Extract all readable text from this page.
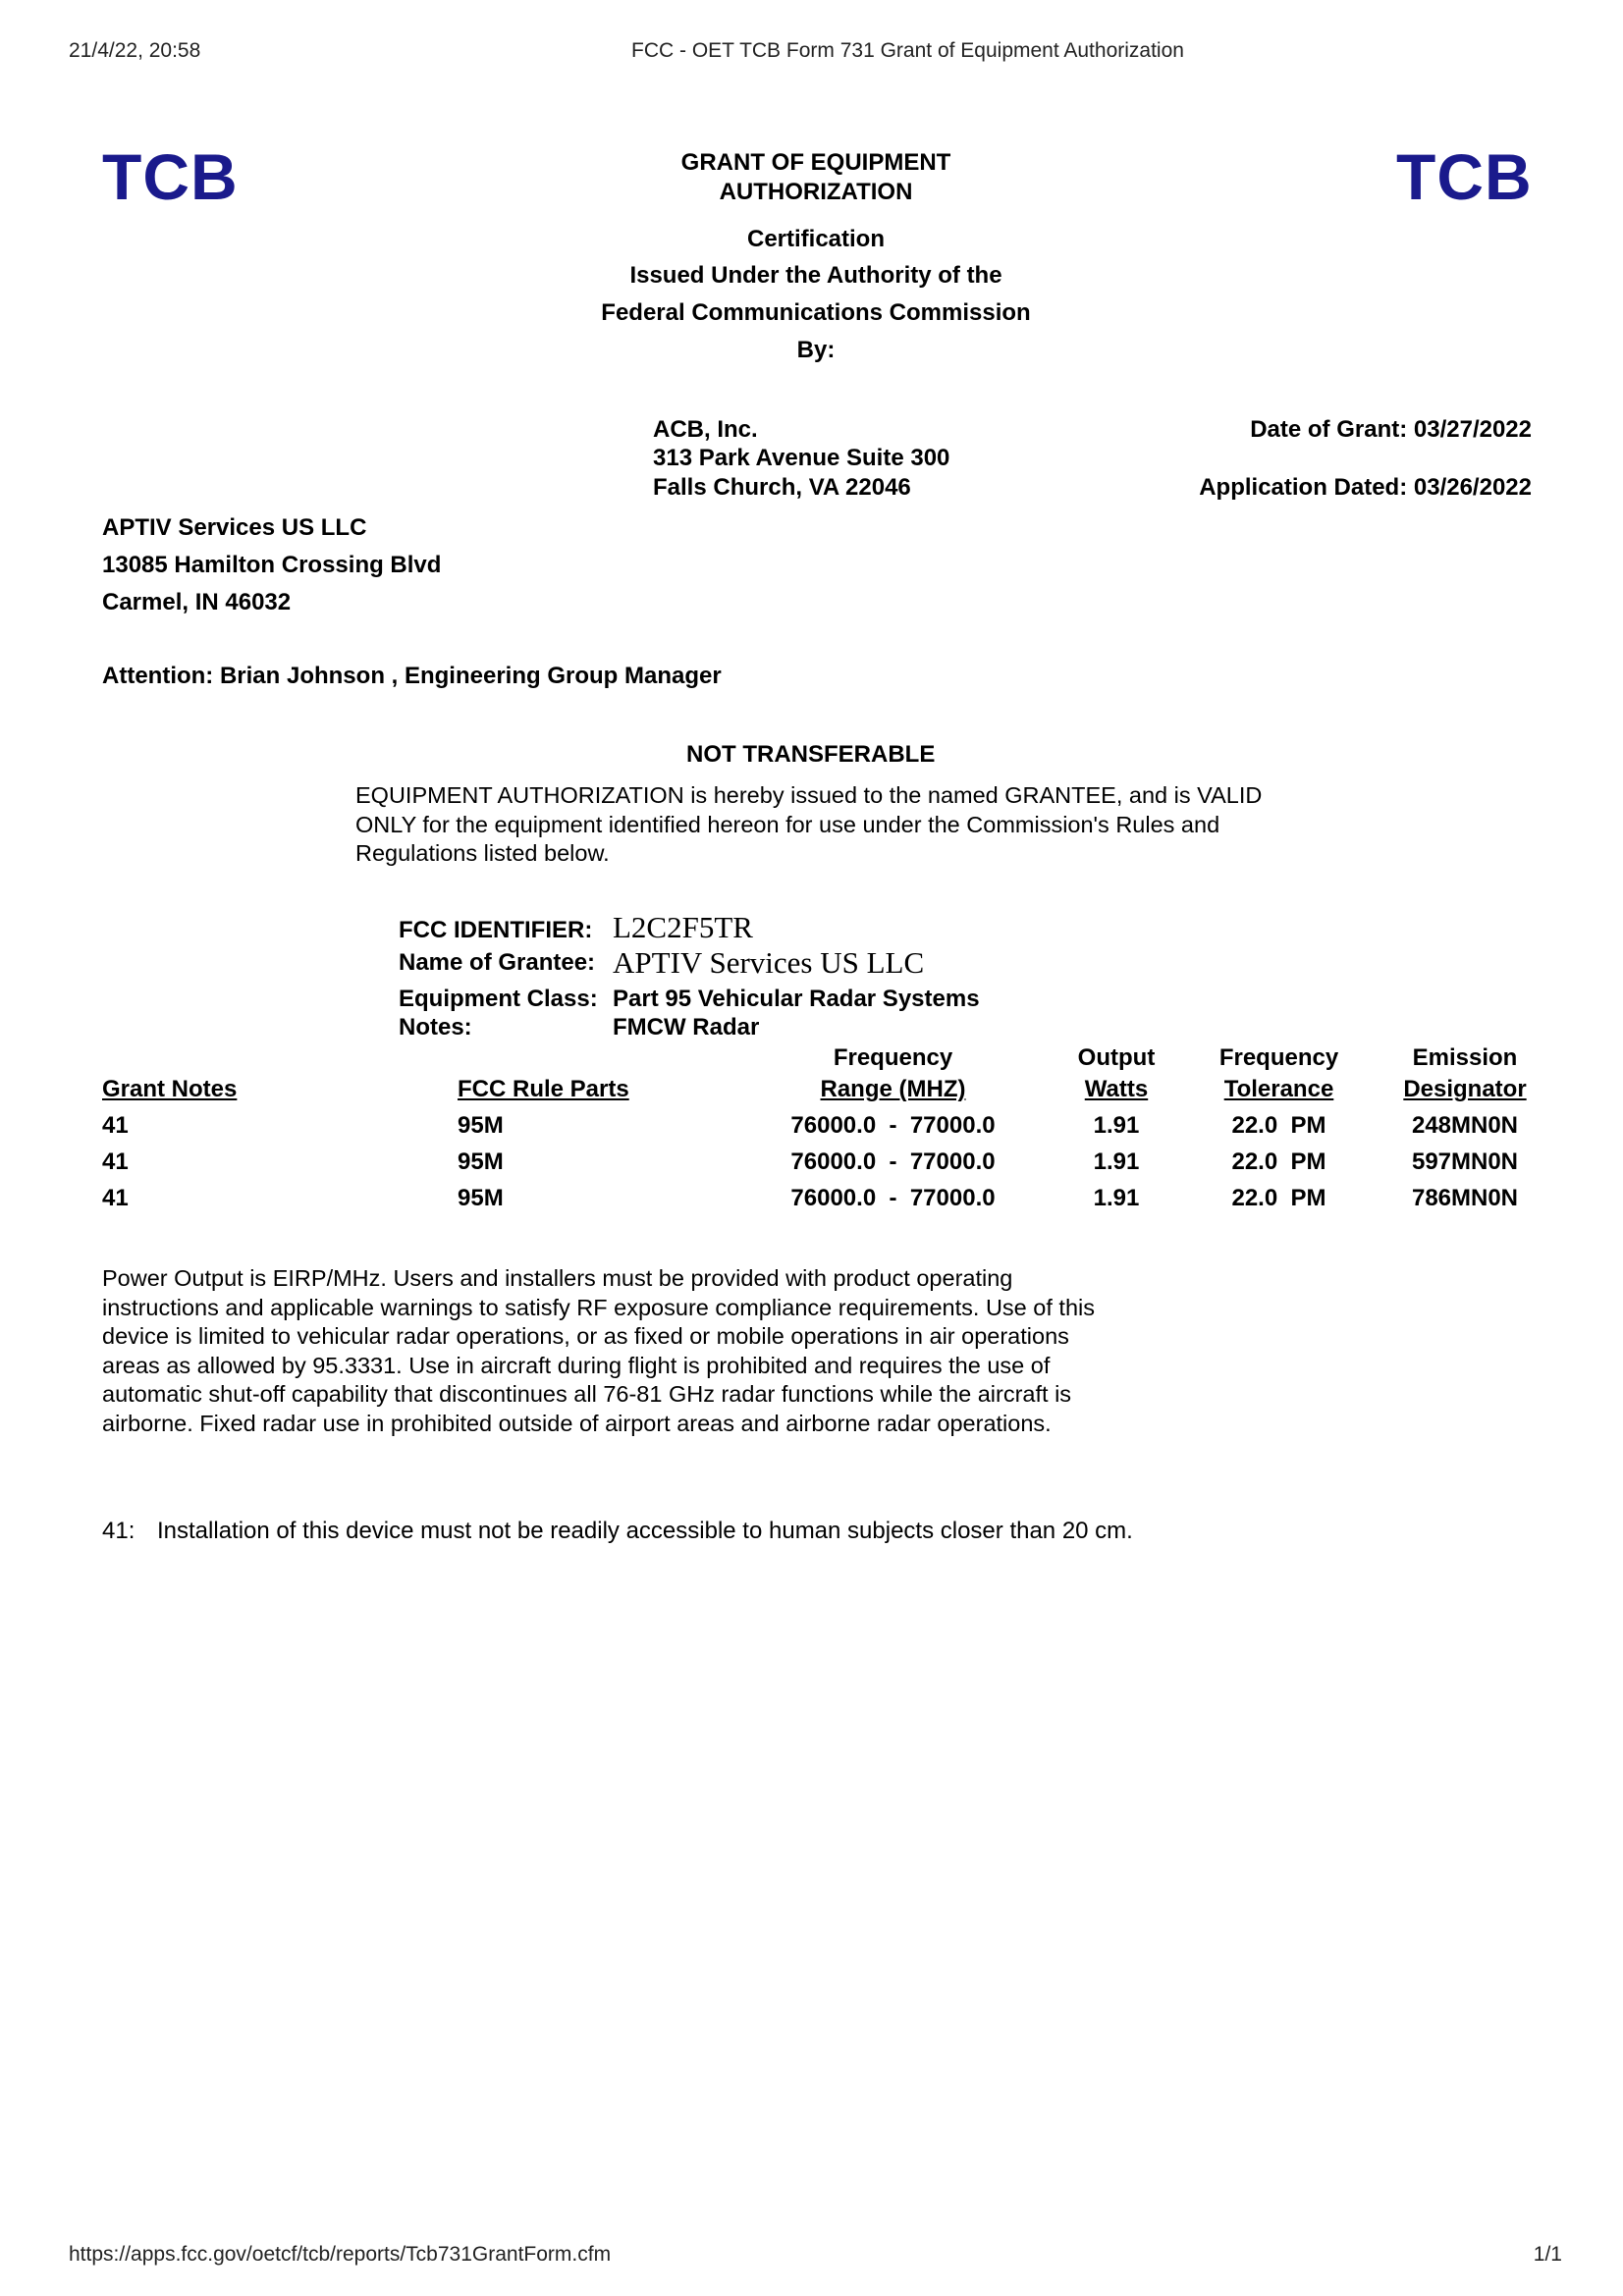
21/4/22, 20:58	FCC - OET TCB Form 731 Grant of Equipment Authorization
TCB	TCB
GRANT OF EQUIPMENT
AUTHORIZATION
Certification
Issued Under the Authority of the
Federal Communications Commission
By:
ACB, Inc.
313 Park Avenue Suite 300
Falls Church, VA 22046
Date of Grant: 03/27/2022
Application Dated: 03/26/2022
APTIV Services US LLC
13085 Hamilton Crossing Blvd
Carmel, IN 46032
Attention: Brian Johnson , Engineering Group Manager
NOT TRANSFERABLE
EQUIPMENT AUTHORIZATION is hereby issued to the named GRANTEE, and is VALID ONLY for the equipment identified hereon for use under the Commission's Rules and Regulations listed below.
FCC IDENTIFIER: L2C2F5TR
Name of Grantee: APTIV Services US LLC
Equipment Class: Part 95 Vehicular Radar Systems
Notes:	FMCW Radar
		Frequency	Output	Frequency	Emission
Grant Notes	FCC Rule Parts	Range (MHZ)	Watts	Tolerance	Designator
41	95M	76000.0  -  77000.0	1.91	22.0  PM	248MN0N
41	95M	76000.0  -  77000.0	1.91	22.0  PM	597MN0N
41	95M	76000.0  -  77000.0	1.91	22.0  PM	786MN0N
Power Output is EIRP/MHz. Users and installers must be provided with product operating instructions and applicable warnings to satisfy RF exposure compliance requirements. Use of this device is limited to vehicular radar operations, or as fixed or mobile operations in air operations areas as allowed by 95.3331. Use in aircraft during flight is prohibited and requires the use of automatic shut-off capability that discontinues all 76-81 GHz radar functions while the aircraft is airborne. Fixed radar use in prohibited outside of airport areas and airborne radar operations.
41: Installation of this device must not be readily accessible to human subjects closer than 20 cm.
https://apps.fcc.gov/oetcf/tcb/reports/Tcb731GrantForm.cfm	1/1
